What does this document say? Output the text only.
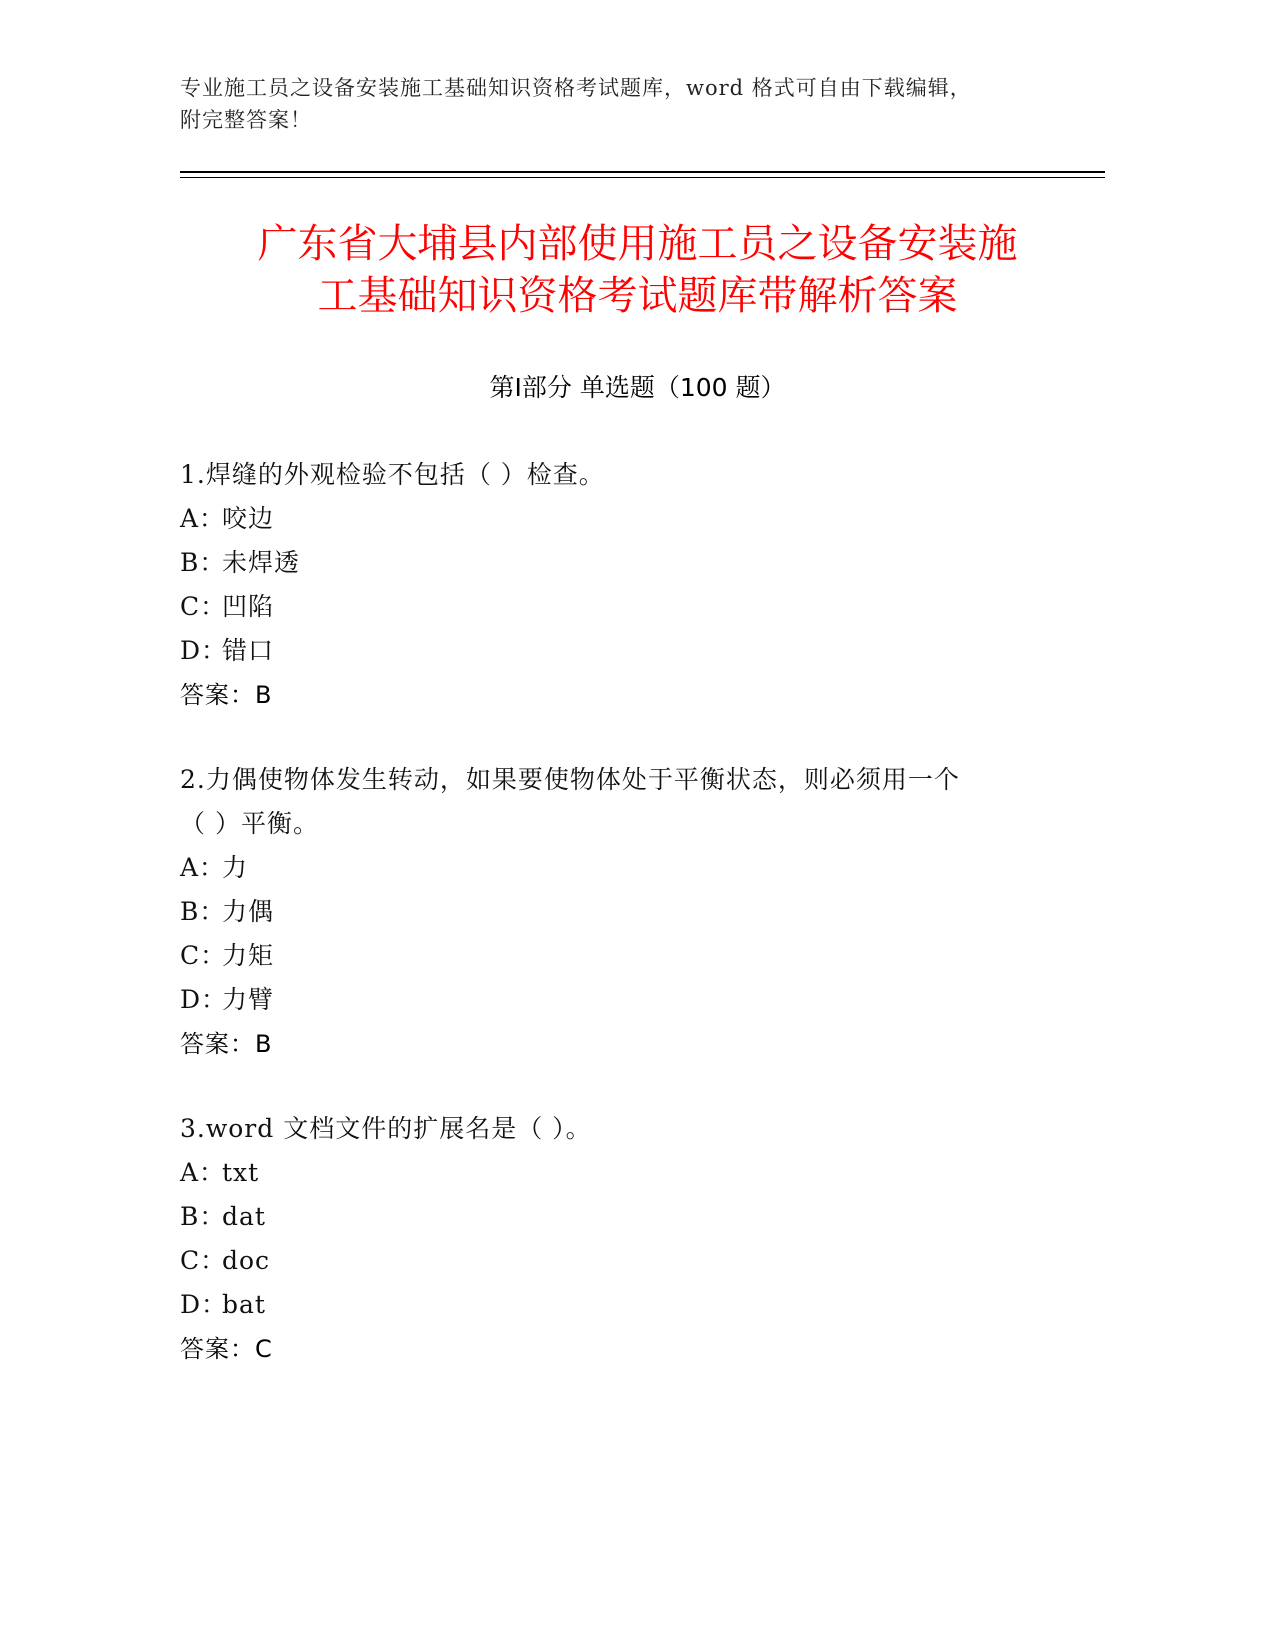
专业施工员之设备安装施工基础知识资格考试题库，word 格式可自由下载编辑，
附完整答案！
广东省大埔县内部使用施工员之设备安装施
工基础知识资格考试题库带解析答案
第Ⅰ部分 单选题（100 题）
1.焊缝的外观检验不包括（ ）检查。
A：咬边
B：未焊透
C：凹陷
D：错口
答案：B
2.力偶使物体发生转动，如果要使物体处于平衡状态，则必须用一个
（ ）平衡。
A：力
B：力偶
C：力矩
D：力臂
答案：B
3.word 文档文件的扩展名是（ ）。
A：txt
B：dat
C：doc
D：bat
答案：C
